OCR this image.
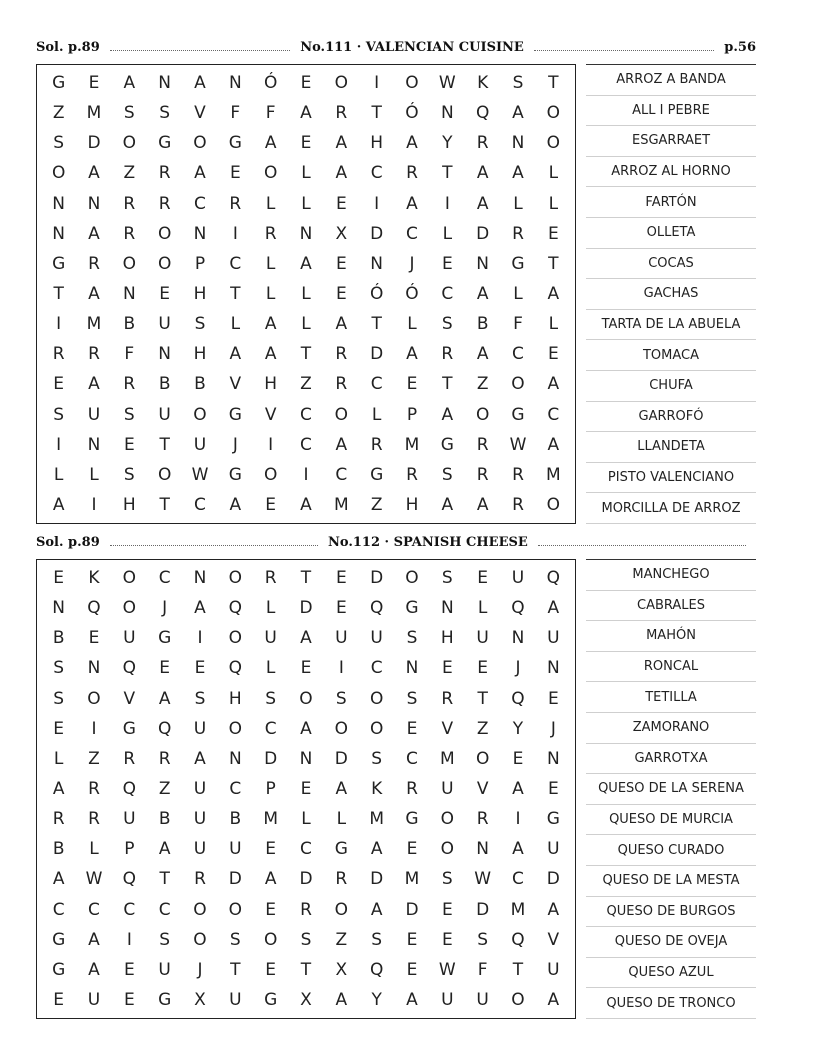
Sol. p.89	No.111 · VALENCIAN CUISINE	p.56
G	E	A	N	A	N	Ó	E	O	I	O	W	K	S	T
Z	M	S	S	V	F	F	A	R	T	Ó	N	Q	A	O
S	D	O	G	O	G	A	E	A	H	A	Y	R	N	O
O	A	Z	R	A	E	O	L	A	C	R	T	A	A	L
N	N	R	R	C	R	L	L	E	I	A	I	A	L	L
N	A	R	O	N	I	R	N	X	D	C	L	D	R	E
G	R	O	O	P	C	L	A	E	N	J	E	N	G	T
T	A	N	E	H	T	L	L	E	Ó	Ó	C	A	L	A
I	M	B	U	S	L	A	L	A	T	L	S	B	F	L
R	R	F	N	H	A	A	T	R	D	A	R	A	C	E
E	A	R	B	B	V	H	Z	R	C	E	T	Z	O	A
S	U	S	U	O	G	V	C	O	L	P	A	O	G	C
I	N	E	T	U	J	I	C	A	R	M	G	R	W	A
L	L	S	O	W	G	O	I	C	G	R	S	R	R	M
A	I	H	T	C	A	E	A	M	Z	H	A	A	R	O
ARROZ A BANDA
ALL I PEBRE
ESGARRAET
ARROZ AL HORNO
FARTÓN
OLLETA
COCAS
GACHAS
TARTA DE LA ABUELA
TOMACA
CHUFA
GARROFÓ
LLANDETA
PISTO VALENCIANO
MORCILLA DE ARROZ
Sol. p.89	No.112 · SPANISH CHEESE
E	K	O	C	N	O	R	T	E	D	O	S	E	U	Q
N	Q	O	J	A	Q	L	D	E	Q	G	N	L	Q	A
B	E	U	G	I	O	U	A	U	U	S	H	U	N	U
S	N	Q	E	E	Q	L	E	I	C	N	E	E	J	N
S	O	V	A	S	H	S	O	S	O	S	R	T	Q	E
E	I	G	Q	U	O	C	A	O	O	E	V	Z	Y	J
L	Z	R	R	A	N	D	N	D	S	C	M	O	E	N
A	R	Q	Z	U	C	P	E	A	K	R	U	V	A	E
R	R	U	B	U	B	M	L	L	M	G	O	R	I	G
B	L	P	A	U	U	E	C	G	A	E	O	N	A	U
A	W	Q	T	R	D	A	D	R	D	M	S	W	C	D
C	C	C	C	O	O	E	R	O	A	D	E	D	M	A
G	A	I	S	O	S	O	S	Z	S	E	E	S	Q	V
G	A	E	U	J	T	E	T	X	Q	E	W	F	T	U
E	U	E	G	X	U	G	X	A	Y	A	U	U	O	A
MANCHEGO
CABRALES
MAHÓN
RONCAL
TETILLA
ZAMORANO
GARROTXA
QUESO DE LA SERENA
QUESO DE MURCIA
QUESO CURADO
QUESO DE LA MESTA
QUESO DE BURGOS
QUESO DE OVEJA
QUESO AZUL
QUESO DE TRONCO
